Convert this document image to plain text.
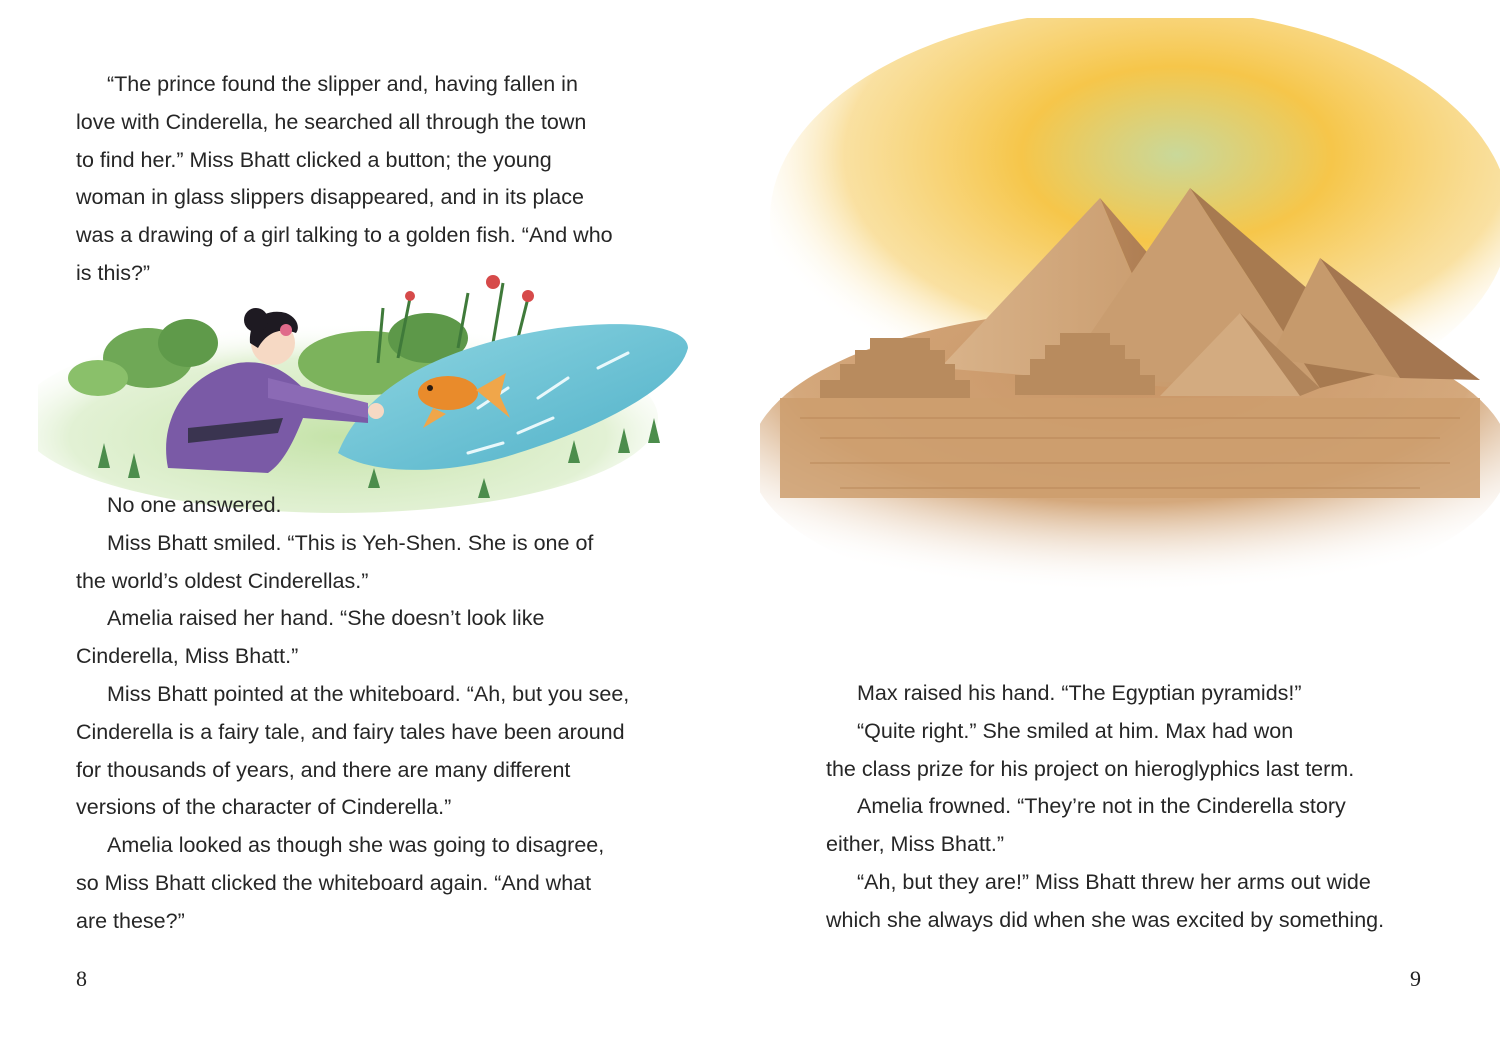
“The prince found the slipper and, having fallen in
love with Cinderella, he searched all through the town
to find her.” Miss Bhatt clicked a button; the young
woman in glass slippers disappeared, and in its place
was a drawing of a girl talking to a golden fish. “And who
is this?”
No one answered.
Miss Bhatt smiled. “This is Yeh-Shen. She is one of
the world’s oldest Cinderellas.”
Amelia raised her hand. “She doesn’t look like
Cinderella, Miss Bhatt.”
Miss Bhatt pointed at the whiteboard. “Ah, but you see,
Cinderella is a fairy tale, and fairy tales have been around
for thousands of years, and there are many different
versions of the character of Cinderella.”
Amelia looked as though she was going to disagree,
so Miss Bhatt clicked the whiteboard again. “And what
are these?”
8
Max raised his hand. “The Egyptian pyramids!”
“Quite right.” She smiled at him. Max had won
the class prize for his project on hieroglyphics last term.
Amelia frowned. “They’re not in the Cinderella story
either, Miss Bhatt.”
“Ah, but they are!” Miss Bhatt threw her arms out wide
which she always did when she was excited by something.
9
